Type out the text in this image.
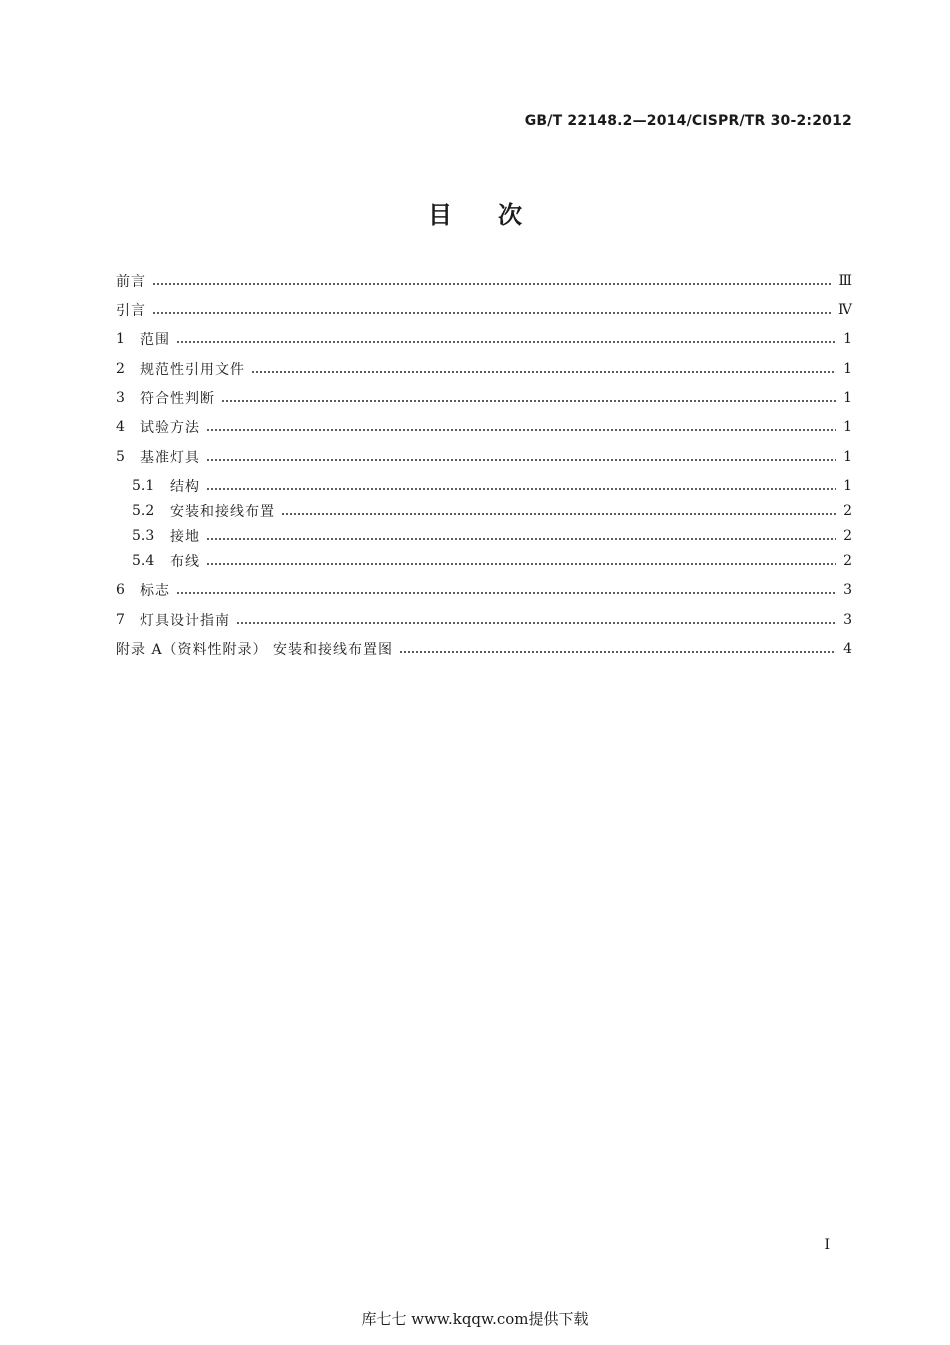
GB/T 22148.2—2014/CISPR/TR 30-2:2012
目次
前言	Ⅲ
引言	Ⅳ
1	范围	1
2	规范性引用文件	1
3	符合性判断	1
4	试验方法	1
5	基准灯具	1
5.1	结构	1
5.2	安装和接线布置	2
5.3	接地	2
5.4	布线	2
6	标志	3
7	灯具设计指南	3
附录 A（资料性附录） 安装和接线布置图	4
I
库七七 www.kqqw.com提供下载
